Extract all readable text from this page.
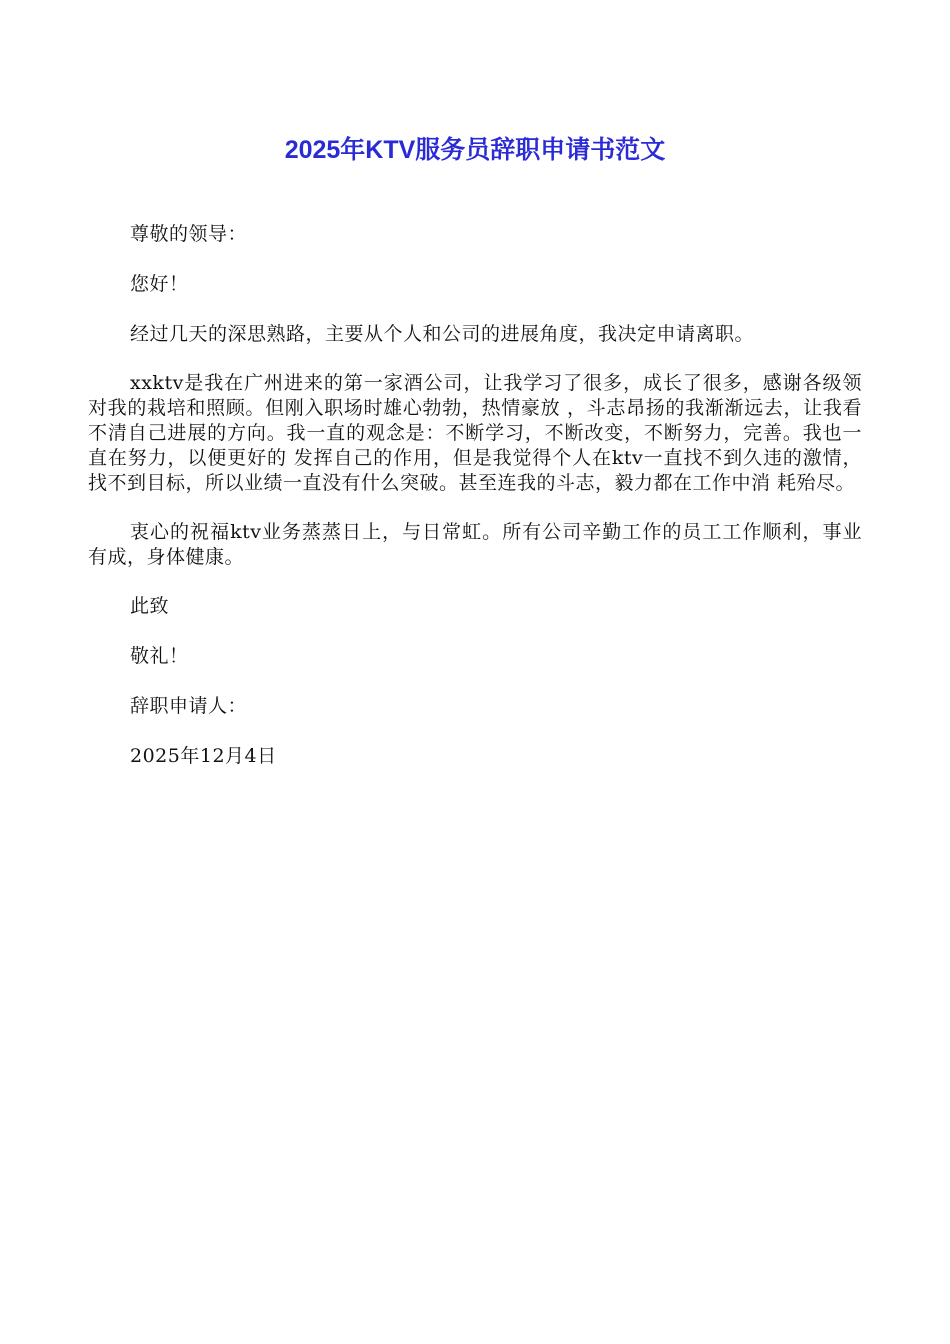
2025年KTV服务员辞职申请书范文

尊敬的领导：

您好！

经过几天的深思熟路，主要从个人和公司的进展角度，我决定申请离职。

xxktv是我在广州进来的第一家酒公司，让我学习了很多，成长了很多，感谢各级领对我的栽培和照顾。但刚入职场时雄心勃勃，热情豪放 ，斗志昂扬的我渐渐远去，让我看不清自己进展的方向。我一直的观念是：不断学习，不断改变，不断努力，完善。我也一直在努力，以便更好的 发挥自己的作用，但是我觉得个人在ktv一直找不到久违的激情，找不到目标，所以业绩一直没有什么突破。甚至连我的斗志，毅力都在工作中消 耗殆尽。

衷心的祝福ktv业务蒸蒸日上，与日常虹。所有公司辛勤工作的员工工作顺利，事业有成，身体健康。

此致

敬礼！

辞职申请人：

2025年12月4日
